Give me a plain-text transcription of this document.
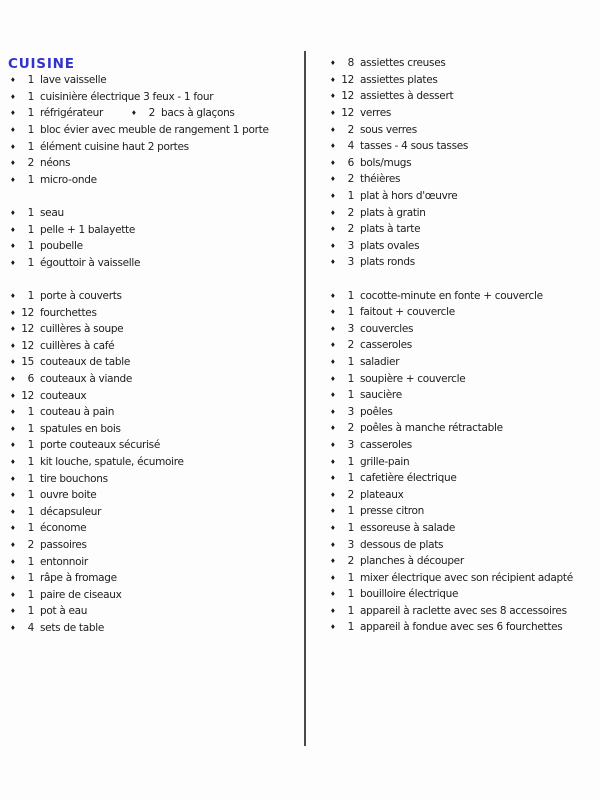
CUISINE
♦	1 lave vaisselle
♦	1 cuisinière électrique 3 feux - 1 four
♦	1 réfrigérateur	♦	2 bacs à glaçons
♦	1 bloc évier avec meuble de rangement 1 porte
♦	1 élément cuisine haut 2 portes
♦	2 néons
♦	1 micro-onde
♦	1 seau
♦	1 pelle + 1 balayette
♦	1 poubelle
♦	1 égouttoir à vaisselle
♦	1 porte à couverts
♦ 12 fourchettes
♦ 12 cuillères à soupe
♦ 12 cuillères à café
♦ 15 couteaux de table
♦	6 couteaux à viande
♦ 12 couteaux
♦	1 couteau à pain
♦	1 spatules en bois
♦	1 porte couteaux sécurisé
♦	1 kit louche, spatule, écumoire
♦	1 tire bouchons
♦	1 ouvre boite
♦	1 décapsuleur
♦	1 économe
♦	2 passoires
♦	1 entonnoir
♦	1 râpe à fromage
♦	1 paire de ciseaux
♦	1 pot à eau
♦	4 sets de table
♦	8 assiettes creuses
♦ 12 assiettes plates
♦ 12 assiettes à dessert
♦ 12 verres
♦	2 sous verres
♦	4 tasses - 4 sous tasses
♦	6 bols/mugs
♦	2 théières
♦	1 plat à hors d'œuvre
♦	2 plats à gratin
♦	2 plats à tarte
♦	3 plats ovales
♦	3 plats ronds
♦	1 cocotte-minute en fonte + couvercle
♦	1 faitout + couvercle
♦	3 couvercles
♦	2 casseroles
♦	1 saladier
♦	1 soupière + couvercle
♦	1 saucière
♦	3 poêles
♦	2 poêles à manche rétractable
♦	3 casseroles
♦	1 grille-pain
♦	1 cafetière électrique
♦	2 plateaux
♦	1 presse citron
♦	1 essoreuse à salade
♦	3 dessous de plats
♦	2 planches à découper
♦	1 mixer électrique avec son récipient adapté
♦	1 bouilloire électrique
♦	1 appareil à raclette avec ses 8 accessoires
♦	1 appareil à fondue avec ses 6 fourchettes
